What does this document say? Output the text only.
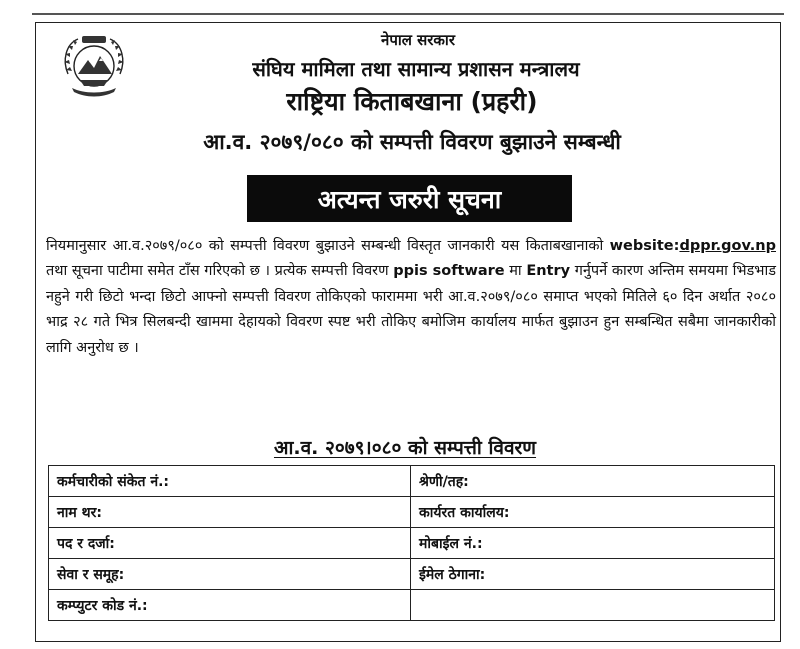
नेपाल सरकार
संघिय मामिला तथा सामान्य प्रशासन मन्त्रालय
राष्ट्रिया किताबखाना (प्रहरी)
आ.व. २०७९/०८० को सम्पत्ती विवरण बुझाउने सम्बन्धी
अत्यन्त जरुरी सूचना
नियमानुसार आ.व.२०७९/०८० को सम्पत्ती विवरण बुझाउने सम्बन्धी विस्तृत जानकारी यस किताबखानाको website:dppr.gov.np तथा सूचना पाटीमा समेत टाँस गरिएको छ । प्रत्येक सम्पत्ती विवरण ppis software मा Entry गर्नुपर्ने कारण अन्तिम समयमा भिडभाड नहुने गरी छिटो भन्दा छिटो आफ्नो सम्पत्ती विवरण तोकिएको फाराममा भरी आ.व.२०७९/०८० समाप्त भएको मितिले ६० दिन अर्थात २०८० भाद्र २८ गते भित्र सिलबन्दी खाममा देहायको विवरण स्पष्ट भरी तोकिए बमोजिम कार्यालय मार्फत बुझाउन हुन सम्बन्धित सबैमा जानकारीको लागि अनुरोध छ ।
आ.व. २०७९।०८० को सम्पत्ती विवरण
कर्मचारीको संकेत नं.:	श्रेणी/तह:
नाम थर:	कार्यरत कार्यालय:
पद र दर्जा:	मोबाईल नं.:
सेवा र समूह:	ईमेल ठेगाना:
कम्प्युटर कोड नं.:	
